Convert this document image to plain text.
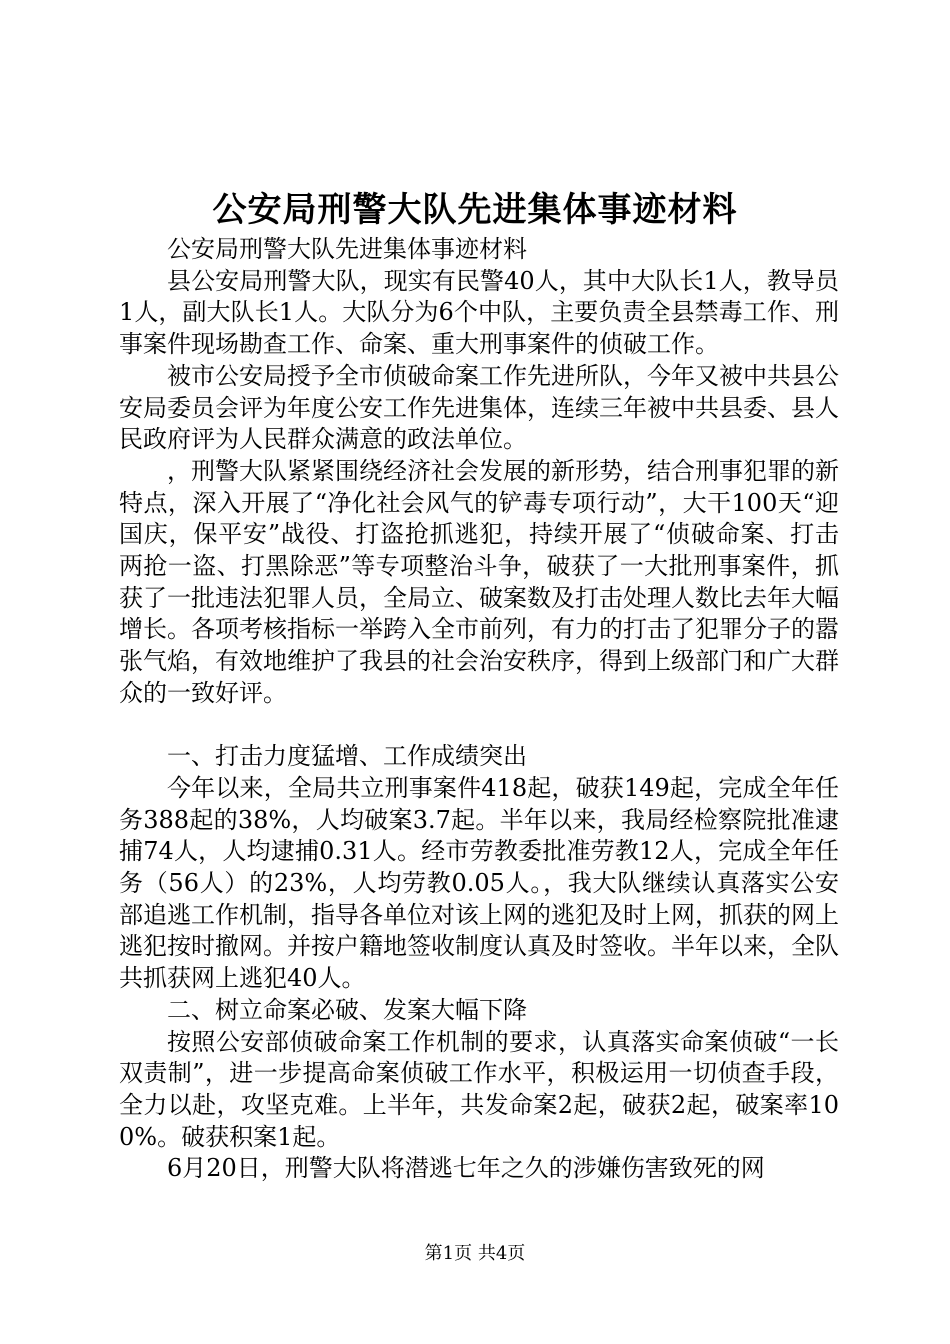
公安局刑警大队先进集体事迹材料

公安局刑警大队先进集体事迹材料

县公安局刑警大队，现实有民警40人，其中大队长1人，教导员1人，副大队长1人。大队分为6个中队，主要负责全县禁毒工作、刑事案件现场勘查工作、命案、重大刑事案件的侦破工作。

被市公安局授予全市侦破命案工作先进所队，今年又被中共县公安局委员会评为年度公安工作先进集体，连续三年被中共县委、县人民政府评为人民群众满意的政法单位。

，刑警大队紧紧围绕经济社会发展的新形势，结合刑事犯罪的新特点，深入开展了“净化社会风气的铲毒专项行动”，大干100天“迎国庆，保平安”战役、打盗抢抓逃犯，持续开展了“侦破命案、打击两抢一盗、打黑除恶”等专项整治斗争，破获了一大批刑事案件，抓获了一批违法犯罪人员，全局立、破案数及打击处理人数比去年大幅增长。各项考核指标一举跨入全市前列，有力的打击了犯罪分子的嚣张气焰，有效地维护了我县的社会治安秩序，得到上级部门和广大群众的一致好评。

一、打击力度猛增、工作成绩突出

今年以来，全局共立刑事案件418起，破获149起，完成全年任务388起的38%，人均破案3.7起。半年以来，我局经检察院批准逮捕74人，人均逮捕0.31人。经市劳教委批准劳教12人，完成全年任务（56人）的23%，人均劳教0.05人。，我大队继续认真落实公安部追逃工作机制，指导各单位对该上网的逃犯及时上网，抓获的网上逃犯按时撤网。并按户籍地签收制度认真及时签收。半年以来，全队共抓获网上逃犯40人。

二、树立命案必破、发案大幅下降

按照公安部侦破命案工作机制的要求，认真落实命案侦破“一长双责制”，进一步提高命案侦破工作水平，积极运用一切侦查手段，全力以赴，攻坚克难。上半年，共发命案2起，破获2起，破案率100%。破获积案1起。

6月20日，刑警大队将潜逃七年之久的涉嫌伤害致死的网

第1页 共4页
